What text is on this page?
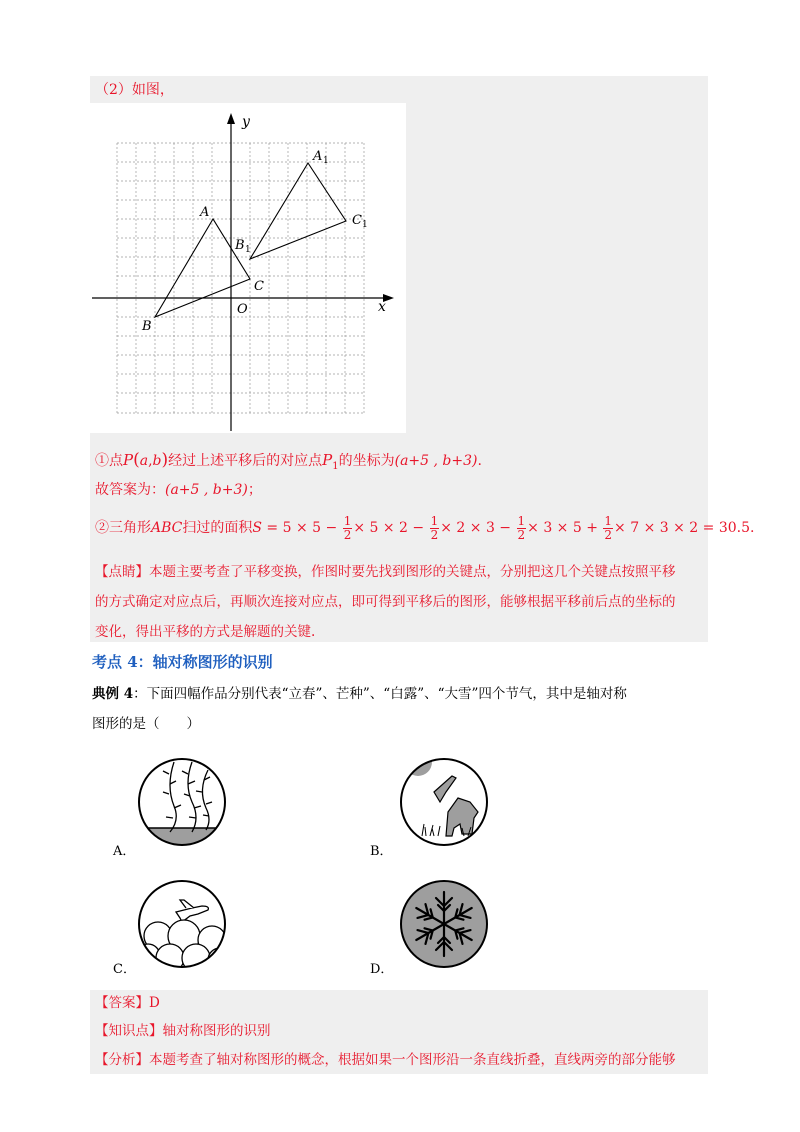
（2）如图，
y
x
O
A
B
C
A 1
B 1
C 1
①点P(a,b)经过上述平移后的对应点$P_1$的坐标为(a+5 , b+3).
故答案为：(a+5 , b+3)；
②三角形ABC扫过的面积$S = 5 \times 5 - \frac{1}{2} \times 5 \times 2 - \frac{1}{2} \times 2 \times 3 - \frac{1}{2} \times 3 \times 5 + \frac{1}{2} \times 7 \times 3 \times 2 = 30.5$.
【点睛】本题主要考查了平移变换，作图时要先找到图形的关键点，分别把这几个关键点按照平移
的方式确定对应点后，再顺次连接对应点，即可得到平移后的图形，能够根据平移前后点的坐标的
变化，得出平移的方式是解题的关键.
考点 4：轴对称图形的识别
典例 4：下面四幅作品分别代表“立春”、芒种”、“白露”、“大雪”四个节气，其中是轴对称
图形的是（　　）
A．	B．
C．	D．
【答案】D
【知识点】轴对称图形的识别
【分析】本题考查了轴对称图形的概念，根据如果一个图形沿一条直线折叠，直线两旁的部分能够
